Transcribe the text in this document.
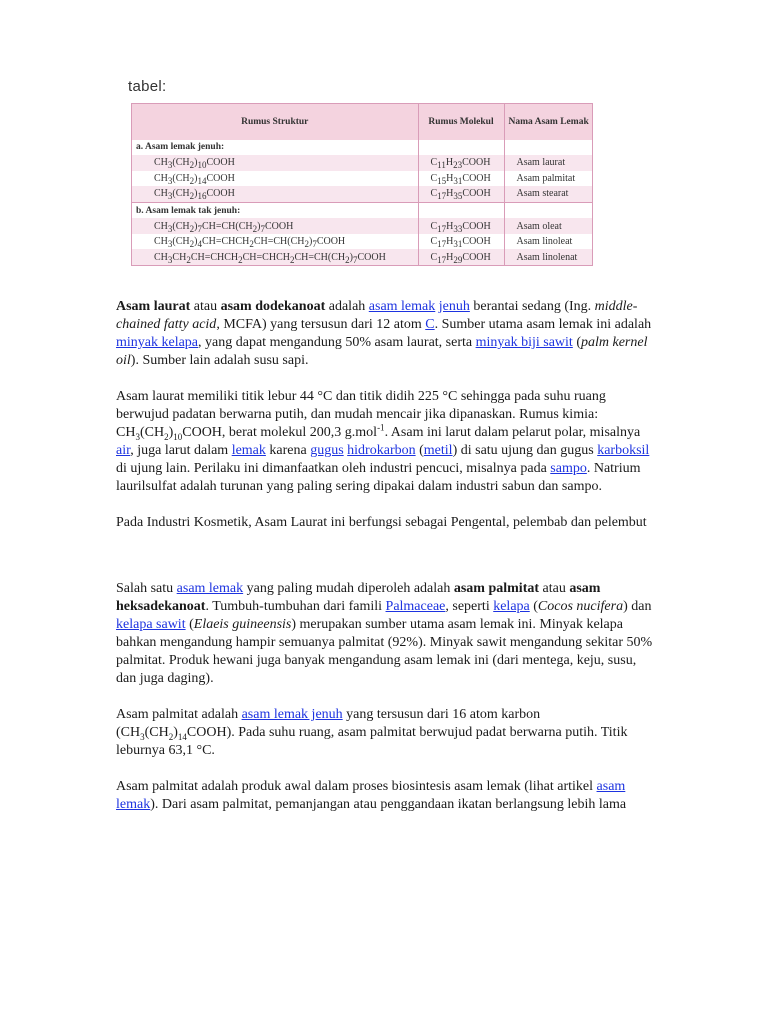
tabel:
Rumus Struktur	Rumus Molekul	Nama Asam Lemak
a. Asam lemak jenuh:		
$CH_3(CH_2)_{10}COOH$	$C_{11}H_{23}COOH$	Asam laurat
$CH_3(CH_2)_{14}COOH$	$C_{15}H_{31}COOH$	Asam palmitat
$CH_3(CH_2)_{16}COOH$	$C_{17}H_{35}COOH$	Asam stearat
b. Asam lemak tak jenuh:		
$CH_3(CH_2)_7CH=CH(CH_2)_7COOH$	$C_{17}H_{33}COOH$	Asam oleat
$CH_3(CH_2)_4CH=CHCH_2CH=CH(CH_2)_7COOH$	$C_{17}H_{31}COOH$	Asam linoleat
$CH_3CH_2CH=CHCH_2CH=CHCH_2CH=CH(CH_2)_7COOH$	$C_{17}H_{29}COOH$	Asam linolenat

Asam laurat atau asam dodekanoat adalah asam lemak jenuh berantai sedang (Ing. middle-chained fatty acid, MCFA) yang tersusun dari 12 atom C. Sumber utama asam lemak ini adalah minyak kelapa, yang dapat mengandung 50% asam laurat, serta minyak biji sawit (palm kernel oil). Sumber lain adalah susu sapi.

Asam laurat memiliki titik lebur 44 °C dan titik didih 225 °C sehingga pada suhu ruang berwujud padatan berwarna putih, dan mudah mencair jika dipanaskan. Rumus kimia: $CH_3(CH_2)_{10}COOH$, berat molekul 200,3 g.mol$^{-1}$. Asam ini larut dalam pelarut polar, misalnya air, juga larut dalam lemak karena gugus hidrokarbon (metil) di satu ujung dan gugus karboksil di ujung lain. Perilaku ini dimanfaatkan oleh industri pencuci, misalnya pada sampo. Natrium laurilsulfat adalah turunan yang paling sering dipakai dalam industri sabun dan sampo.

Pada Industri Kosmetik, Asam Laurat ini berfungsi sebagai Pengental, pelembab dan pelembut

Salah satu asam lemak yang paling mudah diperoleh adalah asam palmitat atau asam heksadekanoat. Tumbuh-tumbuhan dari famili Palmaceae, seperti kelapa (Cocos nucifera) dan kelapa sawit (Elaeis guineensis) merupakan sumber utama asam lemak ini. Minyak kelapa bahkan mengandung hampir semuanya palmitat (92%). Minyak sawit mengandung sekitar 50% palmitat. Produk hewani juga banyak mengandung asam lemak ini (dari mentega, keju, susu, dan juga daging).

Asam palmitat adalah asam lemak jenuh yang tersusun dari 16 atom karbon $(CH_3(CH_2)_{14}COOH)$. Pada suhu ruang, asam palmitat berwujud padat berwarna putih. Titik leburnya 63,1 °C.

Asam palmitat adalah produk awal dalam proses biosintesis asam lemak (lihat artikel asam lemak). Dari asam palmitat, pemanjangan atau penggandaan ikatan berlangsung lebih lama
